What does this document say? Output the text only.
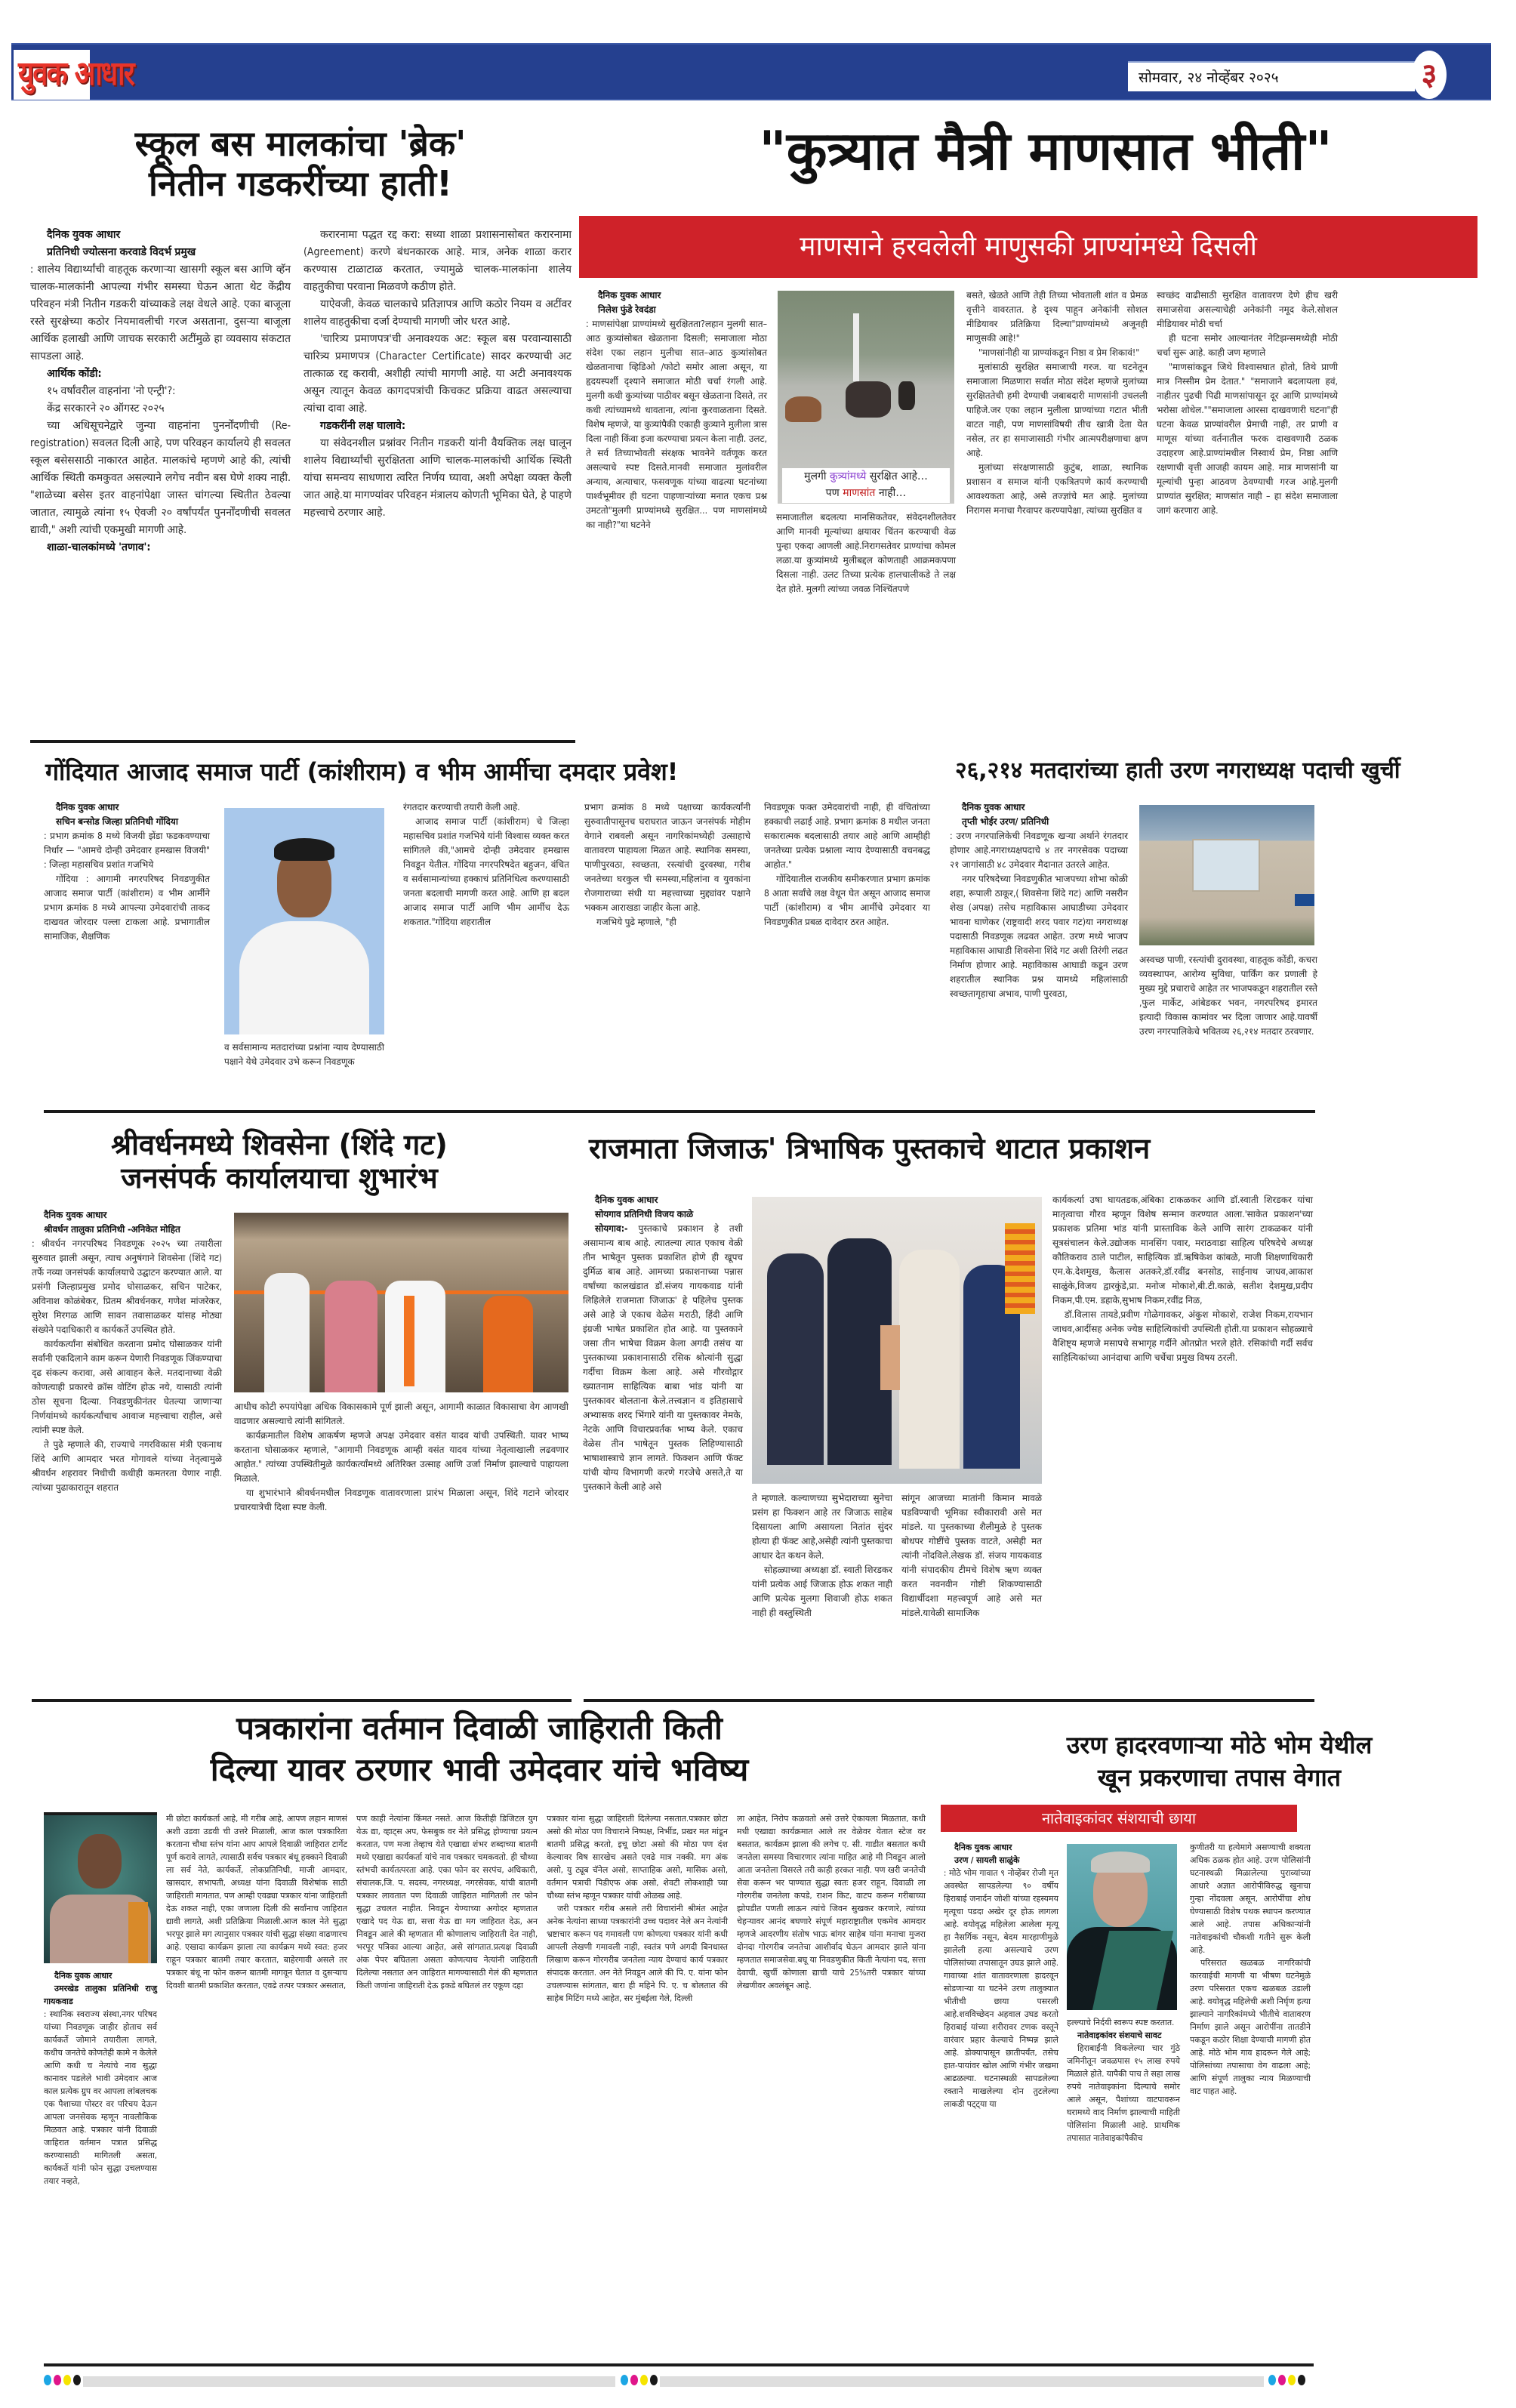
युवक आधार	सोमवार, २४ नोव्हेंबर २०२५	३
स्कूल बस मालकांचा 'ब्रेक'
नितीन गडकरींच्या हाती!

दैनिक युवक आधार

प्रतिनिधी ज्योत्सना करवाडे विदर्भ प्रमुख

: शालेय विद्यार्थ्यांची वाहतूक करणाऱ्या खासगी स्कूल बस आणि व्हॅन चालक-मालकांनी आपल्या गंभीर समस्या घेऊन आता थेट केंद्रीय परिवहन मंत्री नितीन गडकरी यांच्याकडे लक्ष वेधले आहे. एका बाजूला रस्ते सुरक्षेच्या कठोर नियमावलीची गरज असताना, दुसऱ्या बाजूला आर्थिक हलाखी आणि जाचक सरकारी अटींमुळे हा व्यवसाय संकटात सापडला आहे.

आर्थिक कोंडी:

१५ वर्षांवरील वाहनांना 'नो एन्ट्री'?:

केंद्र सरकारने २० ऑगस्ट २०२५

च्या अधिसूचनेद्वारे जुन्या वाहनांना पुनर्नोंदणीची (Re-registration) सवलत दिली आहे, पण परिवहन कार्यालये ही सवलत स्कूल बसेससाठी नाकारत आहेत. मालकांचे म्हणणे आहे की, त्यांची आर्थिक स्थिती कमकुवत असल्याने लगेच नवीन बस घेणे शक्य नाही. "शाळेच्या बसेस इतर वाहनांपेक्षा जास्त चांगल्या स्थितीत ठेवल्या जातात, त्यामुळे त्यांना १५ ऐवजी २० वर्षांपर्यंत पुनर्नोंदणीची सवलत द्यावी," अशी त्यांची एकमुखी मागणी आहे.

शाळा-चालकांमध्ये 'तणाव':

करारनामा पद्धत रद्द करा: सध्या शाळा प्रशासनासोबत करारनामा (Agreement) करणे बंधनकारक आहे. मात्र, अनेक शाळा करार करण्यास टाळाटाळ करतात, ज्यामुळे चालक-मालकांना शालेय वाहतुकीचा परवाना मिळवणे कठीण होते.

याऐवजी, केवळ चालकाचे प्रतिज्ञापत्र आणि कठोर नियम व अटींवर शालेय वाहतुकीचा दर्जा देण्याची मागणी जोर धरत आहे.

'चारित्र्य प्रमाणपत्र'ची अनावश्यक अट: स्कूल बस परवान्यासाठी चारित्र्य प्रमाणपत्र (Character Certificate) सादर करण्याची अट तात्काळ रद्द करावी, अशीही त्यांची मागणी आहे. या अटी अनावश्यक असून त्यातून केवळ कागदपत्रांची किचकट प्रक्रिया वाढत असल्याचा त्यांचा दावा आहे.

गडकरींनी लक्ष घालावे:

या संवेदनशील प्रश्नांवर नितीन गडकरी यांनी वैयक्तिक लक्ष घालून शालेय विद्यार्थ्यांची सुरक्षितता आणि चालक-मालकांची आर्थिक स्थिती यांचा समन्वय साधणारा त्वरित निर्णय घ्यावा, अशी अपेक्षा व्यक्त केली जात आहे.या मागण्यांवर परिवहन मंत्रालय कोणती भूमिका घेते, हे पाहणे महत्त्वाचे ठरणार आहे.

"कुत्र्यात मैत्री माणसात भीती"
माणसाने हरवलेली माणुसकी प्राण्यांमध्ये दिसली

दैनिक युवक आधार

निलेश फुंडे रेवदंडा

: माणसांपेक्षा प्राण्यांमध्ये सुरक्षितता?लहान मुलगी सात–आठ कुत्र्यांसोबत खेळताना दिसली; समाजाला मोठा संदेश एका लहान मुलीचा सात–आठ कुत्र्यांसोबत खेळतानाचा व्हिडिओ /फोटो समोर आला असून, या हृदयस्पर्शी दृश्याने समाजात मोठी चर्चा रंगली आहे. मुलगी कधी कुत्र्यांच्या पाठीवर बसून खेळताना दिसते, तर कधी त्यांच्यामध्ये धावताना, त्यांना कुरवाळताना दिसते. विशेष म्हणजे, या कुत्र्यांपैकी एकाही कुत्र्याने मुलीला त्रास दिला नाही किंवा इजा करण्याचा प्रयत्न केला नाही. उलट, ते सर्व तिच्याभोवती संरक्षक भावनेने वर्तणूक करत असल्याचे स्पष्ट दिसते.मानवी समाजात मुलांवरील अन्याय, अत्याचार, फसवणूक यांच्या वाढत्या घटनांच्या पार्श्वभूमीवर ही घटना पाहणाऱ्यांच्या मनात एकच प्रश्न उमटतो"मुलगी प्राण्यांमध्ये सुरक्षित… पण माणसांमध्ये का नाही?"या घटनेने

मुलगी कुत्र्यांमध्ये सुरक्षित आहे…
पण माणसांत नाही…

समाजातील बदलत्या मानसिकतेवर, संवेदनशीलतेवर आणि मानवी मूल्यांच्या क्षयावर चिंतन करण्याची वेळ पुन्हा एकदा आणली आहे.निरागसतेवर प्राण्यांचा कोमल लळा.या कुत्र्यांमध्ये मुलीबद्दल कोणताही आक्रमकपणा दिसला नाही. उलट तिच्या प्रत्येक हालचालीकडे ते लक्ष देत होते. मुलगी त्यांच्या जवळ निश्चिंतपणे

बसते, खेळते आणि तेही तिच्या भोवताली शांत व प्रेमळ वृत्तीने वावरतात. हे दृश्य पाहून अनेकांनी सोशल मीडियावर प्रतिक्रिया दिल्या"प्राण्यांमध्ये अजूनही माणुसकी आहे!"

"माणसांनीही या प्राण्यांकडून निष्ठा व प्रेम शिकावं!"

मुलांसाठी सुरक्षित समाजाची गरज. या घटनेतून समाजाला मिळणारा सर्वात मोठा संदेश म्हणजे मुलांच्या सुरक्षिततेची हमी देण्याची जबाबदारी माणसांनी उचलली पाहिजे.जर एका लहान मुलीला प्राण्यांच्या गटात भीती वाटत नाही, पण माणसांविषयी तीच खात्री देता येत नसेल, तर हा समाजासाठी गंभीर आत्मपरीक्षणाचा क्षण आहे.

मुलांच्या संरक्षणासाठी कुटुंब, शाळा, स्थानिक प्रशासन व समाज यांनी एकत्रितपणे कार्य करण्याची आवश्यकता आहे, असे तज्ज्ञांचे मत आहे. मुलांच्या निरागस मनाचा गैरवापर करण्यापेक्षा, त्यांच्या सुरक्षित व

स्वच्छंद वाढीसाठी सुरक्षित वातावरण देणे हीच खरी समाजसेवा असल्याचेही अनेकांनी नमूद केले.सोशल मीडियावर मोठी चर्चा

ही घटना समोर आल्यानंतर नेटिझन्समध्येही मोठी चर्चा सुरू आहे. काही जण म्हणाले

"माणसांकडून जिथे विश्वासघात होतो, तिथे प्राणी मात्र निस्सीम प्रेम देतात." "समाजाने बदलायला हवं, नाहीतर पुढची पिढी माणसांपासून दूर आणि प्राण्यांमध्ये भरोसा शोधेल.""समाजाला आरसा दाखवणारी घटना"ही घटना केवळ प्राण्यांवरील प्रेमाची नाही, तर प्राणी व माणूस यांच्या वर्तनातील फरक दाखवणारी ठळक उदाहरण आहे.प्राण्यांमधील निस्वार्थ प्रेम, निष्ठा आणि रक्षणाची वृत्ती आजही कायम आहे. मात्र माणसांनी या मूल्यांची पुन्हा आठवण ठेवण्याची गरज आहे.मुलगी प्राण्यांत सुरक्षित; माणसांत नाही – हा संदेश समाजाला जागं करणारा आहे.

गोंदियात आजाद समाज पार्टी (कांशीराम) व भीम आर्मीचा दमदार प्रवेश!

दैनिक युवक आधार

सचिन बन्सोड जिल्हा प्रतिनिधी गोंदिया

: प्रभाग क्रमांक 8 मध्ये विजयी झेंडा फडकवण्याचा निर्धार — "आमचे दोन्ही उमेदवार हमखास विजयी" : जिल्हा महासचिव प्रशांत गजभिये

गोंदिया : आगामी नगरपरिषद निवडणुकीत आजाद समाज पार्टी (कांशीराम) व भीम आर्मीने प्रभाग क्रमांक 8 मध्ये आपल्या उमेदवारांची ताकद दाखवत जोरदार पल्ला टाकला आहे. प्रभागातील सामाजिक, शैक्षणिक

व सर्वसामान्य मतदारांच्या प्रश्नांना न्याय देण्यासाठी पक्षाने येथे उमेदवार उभे करून निवडणूक

रंगतदार करण्याची तयारी केली आहे.

आजाद समाज पार्टी (कांशीराम) चे जिल्हा महासचिव प्रशांत गजभिये यांनी विश्वास व्यक्त करत सांगितले की,"आमचे दोन्ही उमेदवार हमखास निवडून येतील. गोंदिया नगरपरिषदेत बहुजन, वंचित व सर्वसामान्यांच्या हक्काचं प्रतिनिधित्व करण्यासाठी जनता बदलाची मागणी करत आहे. आणि हा बदल आजाद समाज पार्टी आणि भीम आर्मीच देऊ शकतात."गोंदिया शहरातील

प्रभाग क्रमांक 8 मध्ये पक्षाच्या कार्यकर्त्यांनी सुरुवातीपासूनच घराघरात जाऊन जनसंपर्क मोहीम वेगाने राबवली असून नागरिकांमध्येही उत्साहाचे वातावरण पाहायला मिळत आहे. स्थानिक समस्या, पाणीपुरवठा, स्वच्छता, रस्त्यांची दुरवस्था, गरीब जनतेच्या घरकुल ची समस्या,महिलांना व युवकांना रोजगाराच्या संधी या महत्त्वाच्या मुद्द्यांवर पक्षाने भक्कम आराखडा जाहीर केला आहे.

गजभिये पुढे म्हणाले, "ही

निवडणूक फक्त उमेदवारांची नाही, ही वंचितांच्या हक्काची लढाई आहे. प्रभाग क्रमांक 8 मधील जनता सकारात्मक बदलासाठी तयार आहे आणि आम्हीही जनतेच्या प्रत्येक प्रश्नाला न्याय देण्यासाठी वचनबद्ध आहोत."

गोंदियातील राजकीय समीकरणात प्रभाग क्रमांक 8 आता सर्वांचे लक्ष वेधून घेत असून आजाद समाज पार्टी (कांशीराम) व भीम आर्मीचे उमेदवार या निवडणुकीत प्रबळ दावेदार ठरत आहेत.

२६,२१४ मतदारांच्या हाती उरण नगराध्यक्ष पदाची खुर्ची

दैनिक युवक आधार

तृप्ती भोईर उरण/ प्रतिनिधी

: उरण नगरपालिकेची निवडणूक खऱ्या अर्थाने रंगतदार होणार आहे.नगराध्यक्षपदाचे ४ तर नगरसेवक पदाच्या २१ जागांसाठी ४८ उमेदवार मैदानात उतरले आहेत.

नगर परिषदेच्या निवडणुकीत भाजपच्या शोभा कोळी शहा, रूपाली ठाकूर,( शिवसेना शिंदे गट) आणि नसरीन शेख (अपक्ष) तसेच महाविकास आघाडीच्या उमेदवार भावना घाणेकर (राष्ट्रवादी शरद पवार गट)या नगराध्यक्ष पदासाठी निवडणूक लढवत आहेत. उरण मध्ये भाजप महाविकास आघाडी शिवसेना शिंदे गट अशी तिरंगी लढत निर्माण होणार आहे. महाविकास आघाडी कडून उरण शहरातील स्थानिक प्रश्न यामध्ये महिलांसाठी स्वच्छतागृहाचा अभाव, पाणी पुरवठा,

अस्वच्छ पाणी, रस्त्यांची दुरावस्था, वाहतूक कोंडी, कचरा व्यवस्थापन, आरोग्य सुविधा, पार्किंग कर प्रणाली हे मुख्य मुद्दे प्रचाराचे आहेत तर भाजपकडून शहरातील रस्ते ,फुल मार्केट, आंबेडकर भवन, नगरपरिषद इमारत इत्यादी विकास कामांवर भर दिला जाणार आहे.यावर्षी उरण नगरपालिकेचे भवितव्य २६,२१४ मतदार ठरवणार.

श्रीवर्धनमध्ये शिवसेना (शिंदे गट)
जनसंपर्क कार्यालयाचा शुभारंभ

दैनिक युवक आधार

श्रीवर्धन तालुका प्रतिनिधी -अनिकेत मोहित

: श्रीवर्धन नगरपरिषद निवडणूक २०२५ च्या तयारीला सुरुवात झाली असून, त्याच अनुषंगाने शिवसेना (शिंदे गट) तर्फे नव्या जनसंपर्क कार्यालयाचे उद्घाटन करण्यात आले. या प्रसंगी जिल्हाप्रमुख प्रमोद घोसाळकर, सचिन पाटेकर, अविनाश कोळंबेकर, प्रितम श्रीवर्धनकर, गणेश मांजरेकर, सुरेश मिरगळ आणि सावन तवासाळकर यांसह मोठ्या संख्येने पदाधिकारी व कार्यकर्ते उपस्थित होते.

कार्यकर्त्यांना संबोधित करताना प्रमोद घोसाळकर यांनी सर्वांनी एकदिलाने काम करून येणारी निवडणूक जिंकण्याचा दृढ संकल्प करावा, असे आवाहन केले. मतदानाच्या वेळी कोणत्याही प्रकारचे क्रॉस वोटिंग होऊ नये, यासाठी त्यांनी ठोस सूचना दिल्या. निवडणुकीनंतर घेतल्या जाणाऱ्या निर्णयांमध्ये कार्यकर्त्यांचाच आवाज महत्त्वाचा राहील, असे त्यांनी स्पष्ट केले.

ते पुढे म्हणाले की, राज्याचे नगरविकास मंत्री एकनाथ शिंदे आणि आमदार भरत गोगावले यांच्या नेतृत्वामुळे श्रीवर्धन शहरावर निधीची कधीही कमतरता येणार नाही. त्यांच्या पुढाकारातून शहरात

आधीच कोटी रुपयांपेक्षा अधिक विकासकामे पूर्ण झाली असून, आगामी काळात विकासाचा वेग आणखी वाढणार असल्याचे त्यांनी सांगितले.

कार्यक्रमातील विशेष आकर्षण म्हणजे अपक्ष उमेदवार वसंत यादव यांची उपस्थिती. यावर भाष्य करताना घोसाळकर म्हणाले, "आगामी निवडणूक आम्ही वसंत यादव यांच्या नेतृत्वाखाली लढवणार आहोत." त्यांच्या उपस्थितीमुळे कार्यकर्त्यांमध्ये अतिरिक्त उत्साह आणि उर्जा निर्माण झाल्याचे पाहायला मिळाले.

या शुभारंभाने श्रीवर्धनमधील निवडणूक वातावरणाला प्रारंभ मिळाला असून, शिंदे गटाने जोरदार प्रचारयात्रेची दिशा स्पष्ट केली.

राजमाता जिजाऊ' त्रिभाषिक पुस्तकाचे थाटात प्रकाशन

दैनिक युवक आधार

सोयगाव प्रतिनिधी विजय काळे

सोयगाव:- पुस्तकाचे प्रकाशन हे तशी असामान्य बाब आहे. त्यातल्या त्यात एकाच वेळी तीन भाषेतून पुस्तक प्रकाशित होणे ही खूपच दुर्मिळ बाब आहे. आमच्या प्रकाशनाच्या पन्नास वर्षांच्या कालखंडात डॉ.संजय गायकवाड यांनी लिहिलेले राजमाता जिजाऊ' हे पहिलेच पुस्तक असे आहे जे एकाच वेळेस मराठी, हिंदी आणि इंग्रजी भाषेत प्रकाशित होत आहे. या पुस्तकाने जसा तीन भाषेचा विक्रम केला अगदी तसंच या पुस्तकाच्या प्रकाशनासाठी रसिक श्रोत्यांनी सुद्धा गर्दीचा विक्रम केला आहे. असे गौरवोद्गार ख्यातनाम साहित्यिक बाबा भांड यांनी या पुस्तकावर बोलताना केले.तत्त्वज्ञान व इतिहासाचे अभ्यासक शरद भिंगारे यांनी या पुस्तकावर नेमके, नेटके आणि विचारप्रवर्तक भाष्य केले. एकाच वेळेस तीन भाषेतून पुस्तक लिहिण्यासाठी भाषाशास्त्राचे ज्ञान लागते. फिक्शन आणि फॅक्ट यांची योग्य विभागणी करणे गरजेचे असते,ते या पुस्तकाने केली आहे असे

ते म्हणाले. कल्याणच्या सुभेदाराच्या सुनेचा प्रसंग हा फिक्शन आहे तर जिजाऊ साहेब दिसायला आणि असायला नितांत सुंदर होत्या ही फॅक्ट आहे,असेही त्यांनी पुस्तकाचा आधार देत कथन केले.

सोहळ्याच्या अध्यक्षा डॉ. स्वाती शिरडकर यांनी प्रत्येक आई जिजाऊ होऊ शकत नाही आणि प्रत्येक मुलगा शिवाजी होऊ शकत नाही ही वस्तुस्थिती

सांगून आजच्या मातांनी किमान मावळे घडविण्याची भूमिका स्वीकारावी असे मत मांडले. या पुस्तकाच्या शैलीमुळे हे पुस्तक बोधपर गोष्टींचे पुस्तक वाटते, असेही मत त्यांनी नोंदविले.लेखक डॉ. संजय गायकवाड यांनी संपादकीय टीमचे विशेष ऋण व्यक्त करत नवनवीन गोष्टी शिकण्यासाठी विद्यार्थीदशा महत्त्वपूर्ण आहे असे मत मांडले.यावेळी सामाजिक

कार्यकर्त्या उषा घायतडक,अंबिका टाकळकर आणि डॉ.स्वाती शिरडकर यांचा मातृत्वाचा गौरव म्हणून विशेष सन्मान करण्यात आला.'साकेत प्रकाशन'च्या प्रकाशक प्रतिमा भांड यांनी प्रास्ताविक केले आणि सारंग टाकळकर यांनी सूत्रसंचालन केले.उद्योजक मानसिंग पवार, मराठवाडा साहित्य परिषदेचे अध्यक्ष कौतिकराव ठाले पाटील, साहित्यिक डॉ.ऋषिकेश कांबळे, माजी शिक्षणाधिकारी एम.के.देशमुख, कैलास अतकरे,डॉ.रवींद्र बनसोड, साईनाथ जाधव,आकाश साळुंके,विजय द्वारकुंडे,प्रा. मनोज मोकाशे,बी.टी.काळे, सतीश देशमुख,प्रदीप निकम,पी.एम. डहाके,सुभाष निकम,रवींद्र निळ,

डॉ.विलास तायडे,प्रवीण गोळेगावकर, अंकुश मोकाशे, राजेश निकम,रायभान जाधव,आदींसह अनेक ज्येष्ठ साहित्यिकांची उपस्थिती होती.या प्रकाशन सोहळ्याचे वैशिष्ट्य म्हणजे मसापचे सभागृह गर्दीने ओतप्रोत भरले होते. रसिकांची गर्दी सर्वच साहित्यिकांच्या आनंदाचा आणि चर्चेचा प्रमुख विषय ठरली.

पत्रकारांना वर्तमान दिवाळी जाहिराती किती
दिल्या यावर ठरणार भावी उमेदवार यांचे भविष्य

दैनिक युवक आधार

उमरखेड तालुका प्रतिनिधी राजु गायकवाड

: स्थानिक स्वराज्य संस्था,नगर परिषद यांच्या निवडणूक जाहीर होताच सर्व कार्यकर्ते जोमाने तयारीला लागले, कधीच जनतेचे कोणतेही कामे न केलेले आणि कधी च नेत्यांचे नाव सुद्धा कानावर पडलेले भावी उमेदवार आज काल प्रत्येक ग्रुप वर आपला लांबलचक एक पैशाच्या पोस्टर वर परिचय देऊन आपला जनसेवक म्हणून नावलौकिक मिळवत आहे. पत्रकार यांनी दिवाळी जाहिरात वर्तमान पत्रात प्रसिद्ध करण्यासाठी मागितली असता, कार्यकर्ते यांनी फोन सुद्धा उचलण्यास तयार नव्हते,

मी छोटा कार्यकर्ता आहे, मी गरीब आहे, आपण लहान माणसं अशी उडवा उडवी ची उत्तरे मिळाली, आज काल पत्रकारिता करताना चौथा स्तंभ यांना आप आपले दिवाळी जाहिरात टार्गेट पूर्ण करावे लागते, त्यासाठी सर्वच पत्रकार बंधू हक्काने दिवाळी ला सर्व नेते, कार्यकर्ते, लोकप्रतिनिधी, माजी आमदार, खासदार, सभापती, अध्यक्ष यांना दिवाळी विशेषांक साठी जाहिराती मागतात, पण आम्ही एवढ्या पत्रकार यांना जाहिराती देऊ शकत नाही, एका जणाला दिली की सर्वांनाच जाहिरात द्यावी लागते, अशी प्रतिक्रिया मिळाली.आज काल नेते सुद्धा भरपूर झाले मग त्यानुसार पत्रकार यांची सुद्धा संख्या वाढणारच आहे. एखादा कार्यक्रम झाला त्या कार्यक्रम मध्ये स्वत: हजर राहून पत्रकार बातमी तयार करतात, बाहेरगावी असले तर पत्रकार बंधू ना फोन करून बातमी मागवून घेतात व दुसऱ्याच दिवशी बातमी प्रकाशित करतात, एवढे तत्पर पत्रकार असतात,

पण काही नेत्यांना किंमत नसते. आज कितीही डिजिटल युग येऊ द्या, व्हाट्स अप, फेसबुक वर नेते प्रसिद्ध होण्याचा प्रयत्न करतात, पण मजा तेव्हाच येते एखाद्या शंभर शब्दाच्या बातमी मध्ये एखाद्या कार्यकर्ता यांचे नाव पत्रकार चमकवतो. ही चौथ्या स्तंभची कार्यतत्परता आहे. एका फोन वर सरपंच, अधिकारी, संचालक,जि. प. सदस्य, नगरध्यक्ष, नगरसेवक, यांची बातमी पत्रकार लावतात पण दिवाळी जाहिरात मागितली तर फोन सुद्धा उचलत नाहीत. निवडून येण्याच्या अगोदर म्हणतात एखादे पद येऊ द्या, सत्ता येऊ द्या मग जाहिरात देऊ, अन निवडून आले की म्हणतात मी कोणालाच जाहिराती देत नाही, भरपूर पत्रिका आल्या आहेत, असे सांगतात.प्रत्यक्ष दिवाळी अंक पेपर बघितला असता कोणत्याच नेत्यांनी जाहिराती दिलेल्या नसतात अन जाहिरात मागण्यासाठी गेलं की म्हणतात किती जणांना जाहिराती देऊ इकडे बघितलं तर एकूण दहा

पत्रकार यांना सुद्धा जाहिराती दिलेल्या नसतात.पत्रकार छोटा असो की मोठा पण विचाराने निष्पक्ष, निर्भीड, प्रखर मत मांडून बातमी प्रसिद्ध करतो, इचू छोटा असो की मोठा पण दंश केल्यावर विष सारखेच असते एवढे मात्र नक्की. मग अंक असो, यु ट्यूब चॅनेल असो, साप्ताहिक असो, मासिक असो, वर्तमान पत्राची पिडीएफ अंक असो, शेवटी लोकशाही च्या चौथ्या स्तंभ म्हणून पत्रकार यांची ओळख आहे.

जरी पत्रकार गरीब असले तरी विचारांनी श्रीमंत आहेत अनेक नेत्यांना साध्या पत्रकारांनी उच्च पदावर नेले अन नेत्यांनी भ्रष्टाचार करून पद गमावली पण कोणत्या पत्रकार यांनी कधी आपली लेखणी गमावली नाही, स्वतंत्र पणे अगदी बिनधास्त लिखाण करून गोरगरीब जनतेला न्याय देण्याचं कार्य पत्रकार संपादक करतात. अन नेते निवडून आले की पि. ए. यांना फोन उचलण्यास सांगतात, बारा ही महिने पि. ए. च बोलतात की साहेब मिटिंग मध्ये आहेत, सर मुंबईला गेले, दिल्ली

ला आहेत, निरोप कळवतो असे उत्तरे ऐकायला मिळतात, कधी मधी एखाद्या कार्यक्रमात आले तर वेळेवर येतात स्टेज वर बसतात, कार्यक्रम झाला की लगेच ए. सी. गाडीत बसतात कधी जनतेला समस्या विचारणार त्यांना माहित आहे मी निवडून आलो आता जनतेला विसरले तरी काही हरकत नाही. पण खरी जनतेची सेवा करून भर पाण्यात सुद्धा स्वतः हजर राहून, दिवाळी ला गोरगरीब जनतेला कपडे, राशन किट, वाटप करून गरीबाच्या झोपडीत पणती लाऊन त्यांचे जिवन सुखकर करणारे, त्यांच्या चेहऱ्यावर आनंद बघणारे संपूर्ण महाराष्ट्रातील एकमेव आमदार म्हणजे आदरणीय संतोष भाऊ बांगर साहेब यांना मनाचा मुजरा दोनदा गोरगरीब जनतेचा आशीर्वाद घेऊन आमदार झाले यांना म्हणतात समाजसेवा.बघू या निवडणुकीत किती नेत्यांना पद, सत्ता देवाची, खुर्ची कोणाला द्याची याचे 25%तरी पत्रकार यांच्या लेखणीवर अवलंबून आहे.

उरण हादरवणाऱ्या मोठे भोम येथील
खून प्रकरणाचा तपास वेगात
नातेवाइकांवर संशयाची छाया

दैनिक युवक आधार

उरण / सायली साळुंके

: मोठे भोम गावात ९ नोव्हेंबर रोजी मृत अवस्थेत सापडलेल्या ९० वर्षीय हिराबाई जनार्दन जोशी यांच्या रहस्यमय मृत्यूचा पडदा अखेर दूर होऊ लागला आहे. वयोवृद्ध महिलेला आलेला मृत्यू हा नैसर्गिक नसून, बेदम मारहाणीमुळे झालेली हत्या असल्याचे उरण पोलिसांच्या तपासातून उघड झाले आहे. गावाच्या शांत वातावरणाला हादरवून सोडणाऱ्या या घटनेने उरण तालुक्यात भीतीची छाया पसरली आहे.शवविच्छेदन अहवाल उघड करतो हिराबाई यांच्या शरीरावर टणक वस्तूने वारंवार प्रहार केल्याचे निष्पन्न झाले आहे. डोक्यापासून छातीपर्यंत, तसेच हात-पायांवर खोल आणि गंभीर जखमा आढळल्या. घटनास्थळी सापडलेल्या रक्ताने माखलेल्या दोन तुटलेल्या लाकडी पट्ट्या या

हल्ल्याचे निर्दयी स्वरूप स्पष्ट करतात.

नातेवाइकांवर संशयाचे सावट

हिराबाईंनी विकलेल्या चार गुंठे जमिनीतून जवळपास १५ लाख रुपये मिळाले होते. यापैकी पाच ते सहा लाख रुपये नातेवाइकांना दिल्याचे समोर आले असून, पैशांच्या वाटपावरून घरामध्ये वाद निर्माण झाल्याची माहिती पोलिसांना मिळाली आहे. प्राथमिक तपासात नातेवाइकांपैकीच

कुणीतरी या हत्येमागे असण्याची शक्यता अधिक ठळक होत आहे. उरण पोलिसांनी घटनास्थळी मिळालेल्या पुराव्यांच्या आधारे अज्ञात आरोपीविरुद्ध खुनाचा गुन्हा नोंदवला असून, आरोपींचा शोध घेण्यासाठी विशेष पथक स्थापन करण्यात आले आहे. तपास अधिकाऱ्यांनी नातेवाइकांची चौकशी गतीने सुरू केली आहे.

परिसरात खळबळ नागरिकांची कारवाईची मागणी या भीषण घटनेमुळे उरण परिसरात एकच खळबळ उडाली आहे. वयोवृद्ध महिलेची अशी निर्घृण हत्या झाल्याने नागरिकांमध्ये भीतीचे वातावरण निर्माण झाले असून आरोपींना तातडीने पकडून कठोर शिक्षा देण्याची मागणी होत आहे. मोठे भोम गाव हादरून गेले आहे; पोलिसांच्या तपासाचा वेग वाढला आहे; आणि संपूर्ण तालुका न्याय मिळण्याची वाट पाहत आहे.
